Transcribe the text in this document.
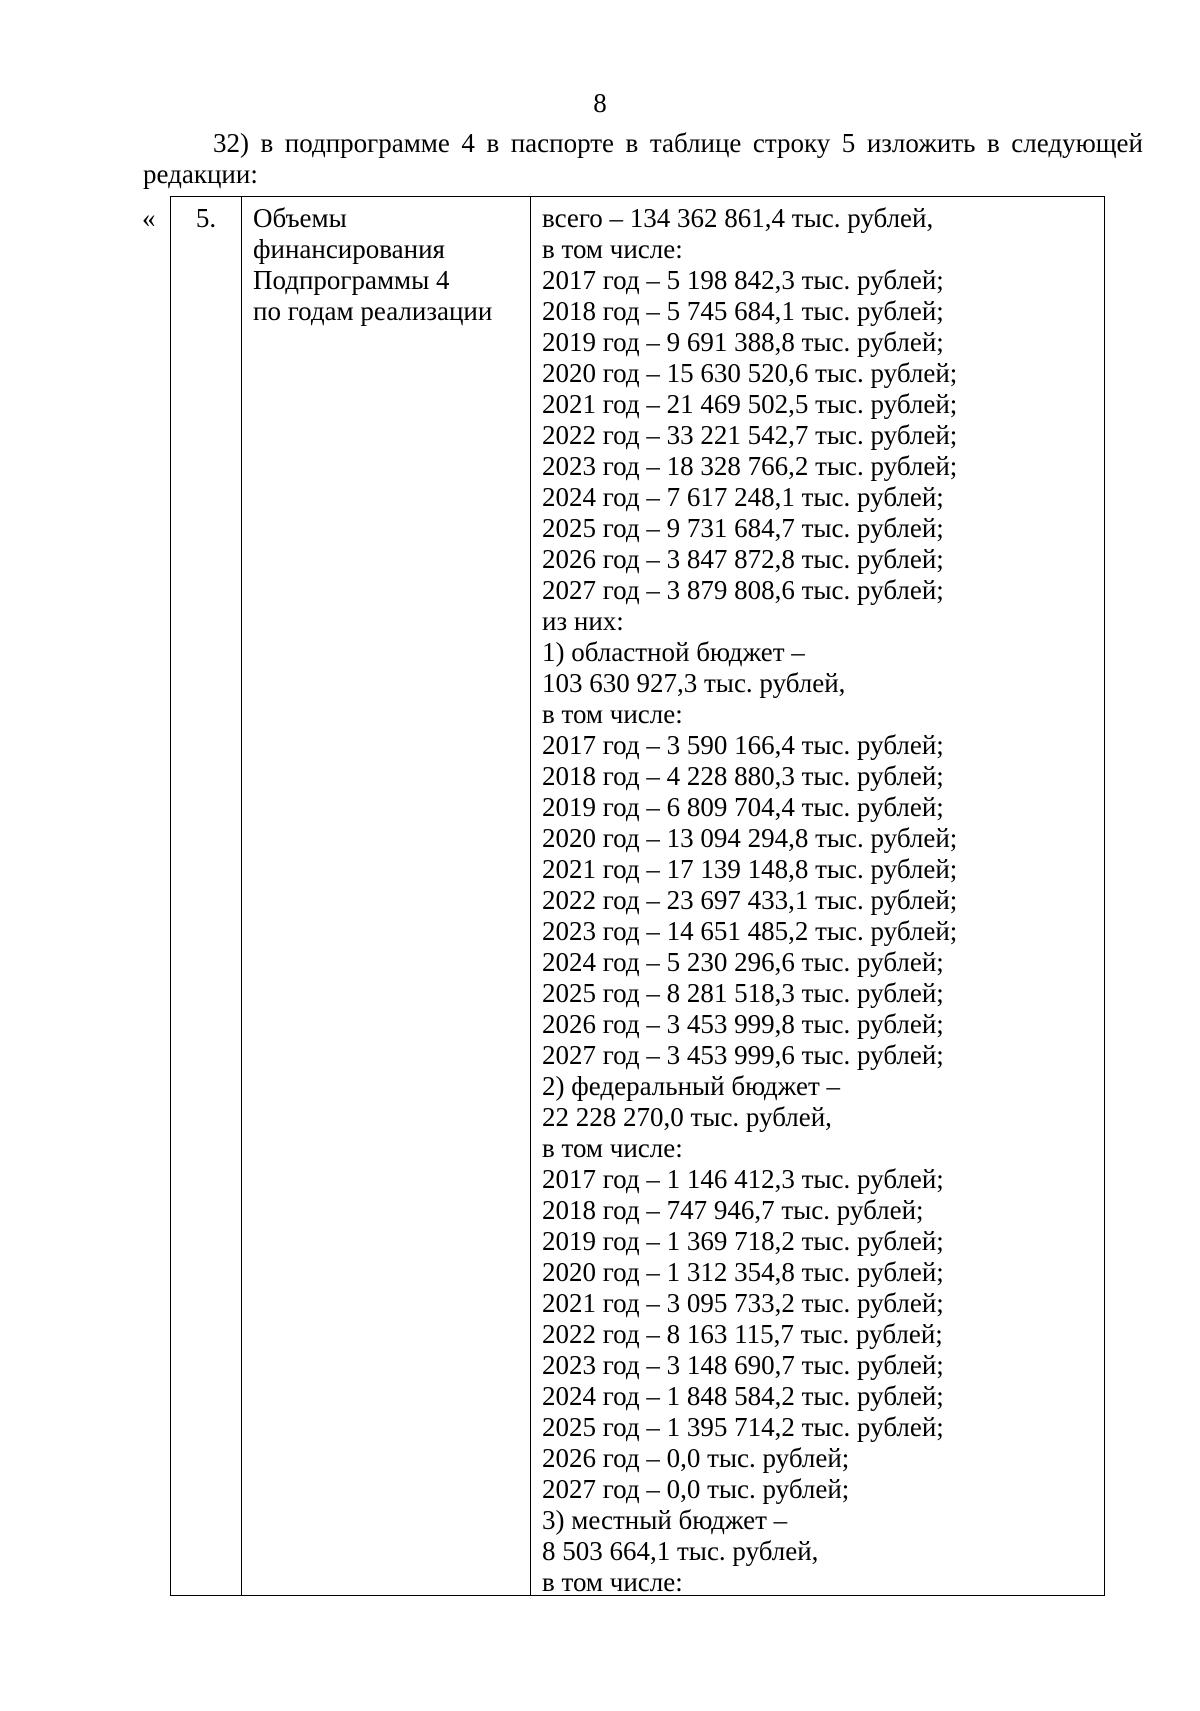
8
32) в подпрограмме 4 в паспорте в таблице строку 5 изложить в следующей редакции:
«	5.	Объемы
финансирования
Подпрограммы 4
по годам реализации
всего – 134 362 861,4 тыс. рублей,
в том числе:
2017 год – 5 198 842,3 тыс. рублей;
2018 год – 5 745 684,1 тыс. рублей;
2019 год – 9 691 388,8 тыс. рублей;
2020 год – 15 630 520,6 тыс. рублей;
2021 год – 21 469 502,5 тыс. рублей;
2022 год – 33 221 542,7 тыс. рублей;
2023 год – 18 328 766,2 тыс. рублей;
2024 год – 7 617 248,1 тыс. рублей;
2025 год – 9 731 684,7 тыс. рублей;
2026 год – 3 847 872,8 тыс. рублей;
2027 год – 3 879 808,6 тыс. рублей;
из них:
1) областной бюджет –
103 630 927,3 тыс. рублей,
в том числе:
2017 год – 3 590 166,4 тыс. рублей;
2018 год – 4 228 880,3 тыс. рублей;
2019 год – 6 809 704,4 тыс. рублей;
2020 год – 13 094 294,8 тыс. рублей;
2021 год – 17 139 148,8 тыс. рублей;
2022 год – 23 697 433,1 тыс. рублей;
2023 год – 14 651 485,2 тыс. рублей;
2024 год – 5 230 296,6 тыс. рублей;
2025 год – 8 281 518,3 тыс. рублей;
2026 год – 3 453 999,8 тыс. рублей;
2027 год – 3 453 999,6 тыс. рублей;
2) федеральный бюджет –
22 228 270,0 тыс. рублей,
в том числе:
2017 год – 1 146 412,3 тыс. рублей;
2018 год – 747 946,7 тыс. рублей;
2019 год – 1 369 718,2 тыс. рублей;
2020 год – 1 312 354,8 тыс. рублей;
2021 год – 3 095 733,2 тыс. рублей;
2022 год – 8 163 115,7 тыс. рублей;
2023 год – 3 148 690,7 тыс. рублей;
2024 год – 1 848 584,2 тыс. рублей;
2025 год – 1 395 714,2 тыс. рублей;
2026 год – 0,0 тыс. рублей;
2027 год – 0,0 тыс. рублей;
3) местный бюджет –
8 503 664,1 тыс. рублей,
в том числе:
